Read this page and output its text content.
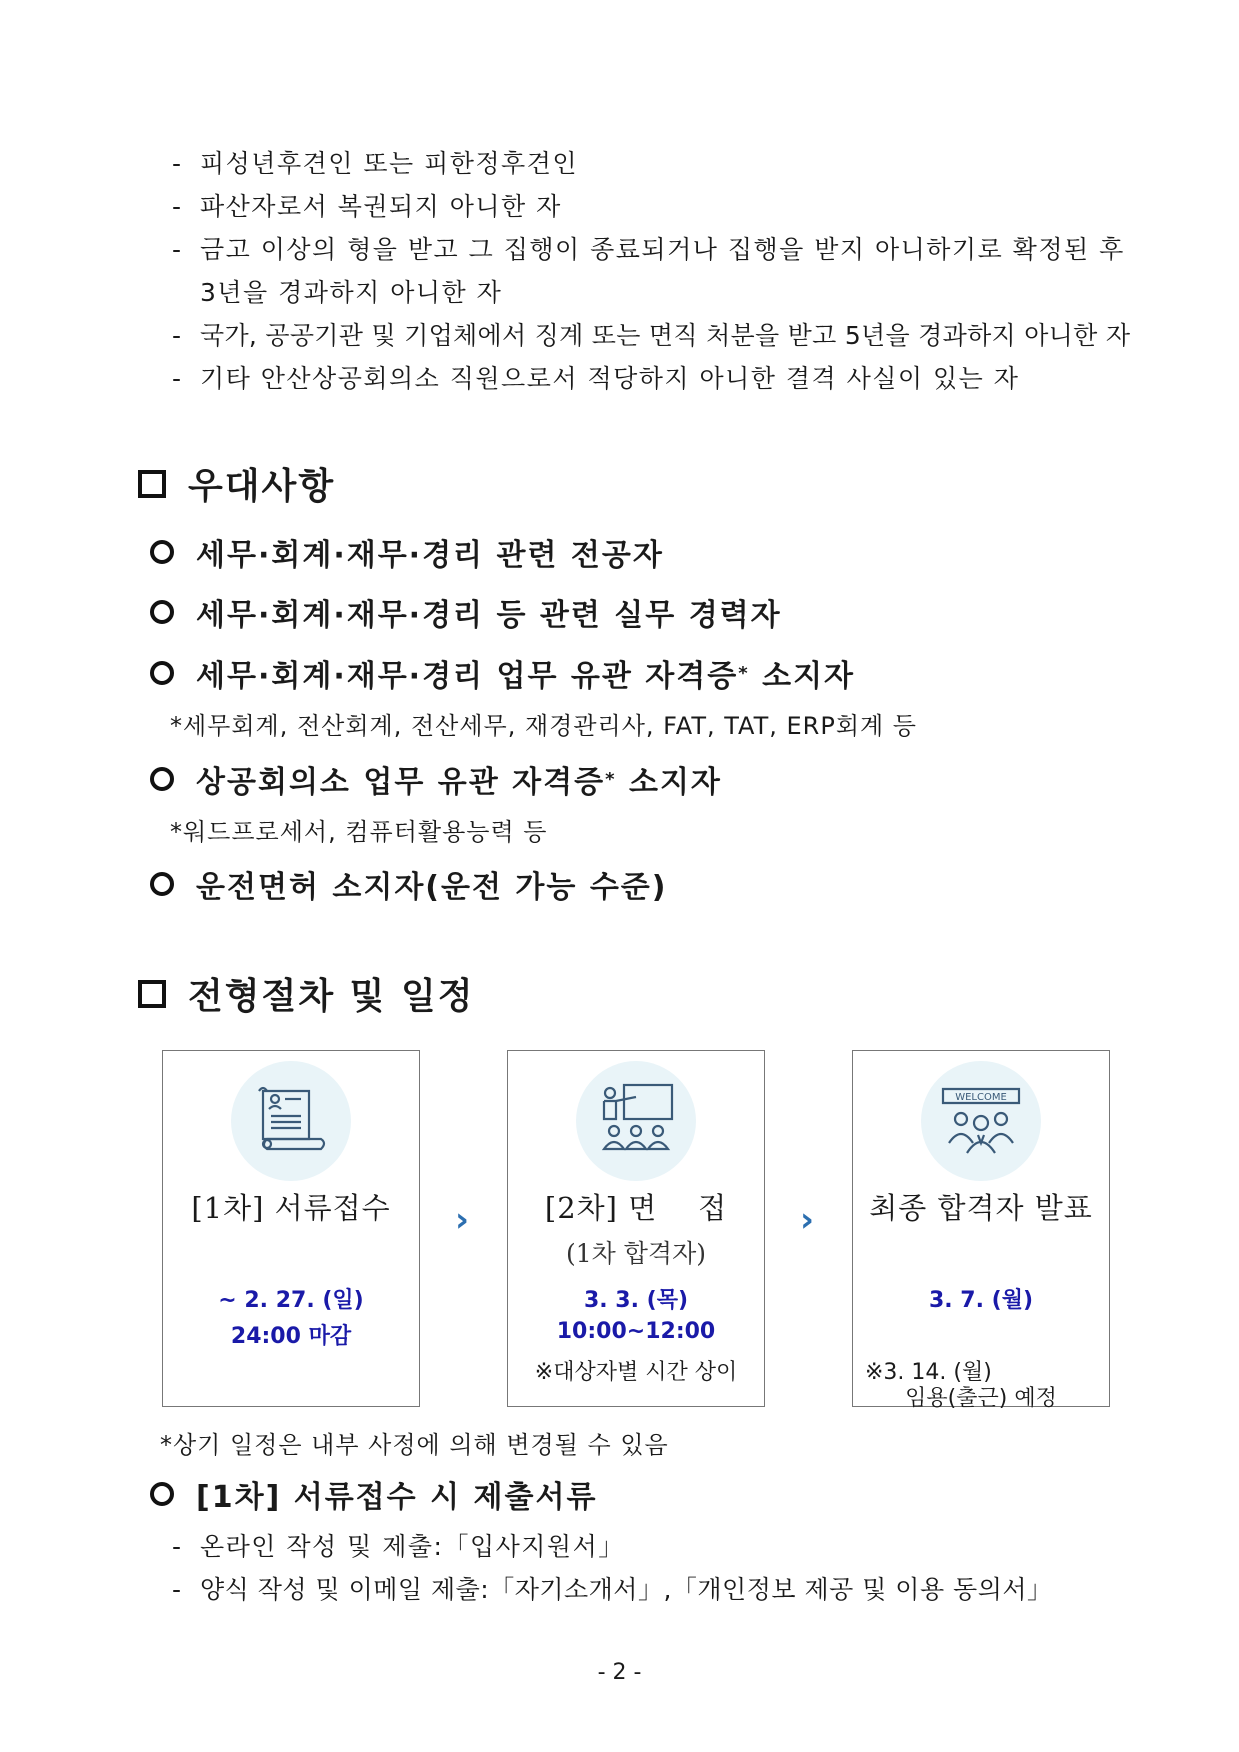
- 피성년후견인 또는 피한정후견인
- 파산자로서 복권되지 아니한 자
- 금고 이상의 형을 받고 그 집행이 종료되거나 집행을 받지 아니하기로 확정된 후 3년을 경과하지 아니한 자
- 국가, 공공기관 및 기업체에서 징계 또는 면직 처분을 받고 5년을 경과하지 아니한 자
- 기타 안산상공회의소 직원으로서 적당하지 아니한 결격 사실이 있는 자
우대사항
세무·회계·재무·경리 관련 전공자
세무·회계·재무·경리 등 관련 실무 경력자
세무·회계·재무·경리 업무 유관 자격증 * 소지자
*세무회계, 전산회계, 전산세무, 재경관리사, FAT, TAT, ERP회계 등
상공회의소 업무 유관 자격증 * 소지자
*워드프로세서, 컴퓨터활용능력 등
운전면허 소지자(운전 가능 수준)
전형절차 및 일정
[1차] 서류접수
~ 2. 27. (일)
24:00 마감
›	[2차] 면    접
(1차 합격자)
3. 3. (목)
10:00~12:00
※대상자별 시간 상이
›
WELCOME
최종 합격자 발표
3. 7. (월)
※3. 14. (월)
임용(출근) 예정
*상기 일정은 내부 사정에 의해 변경될 수 있음
[1차] 서류접수 시 제출서류
- 온라인 작성 및 제출:「입사지원서」
- 양식 작성 및 이메일 제출:「자기소개서」,「개인정보 제공 및 이용 동의서」
- 2 -
